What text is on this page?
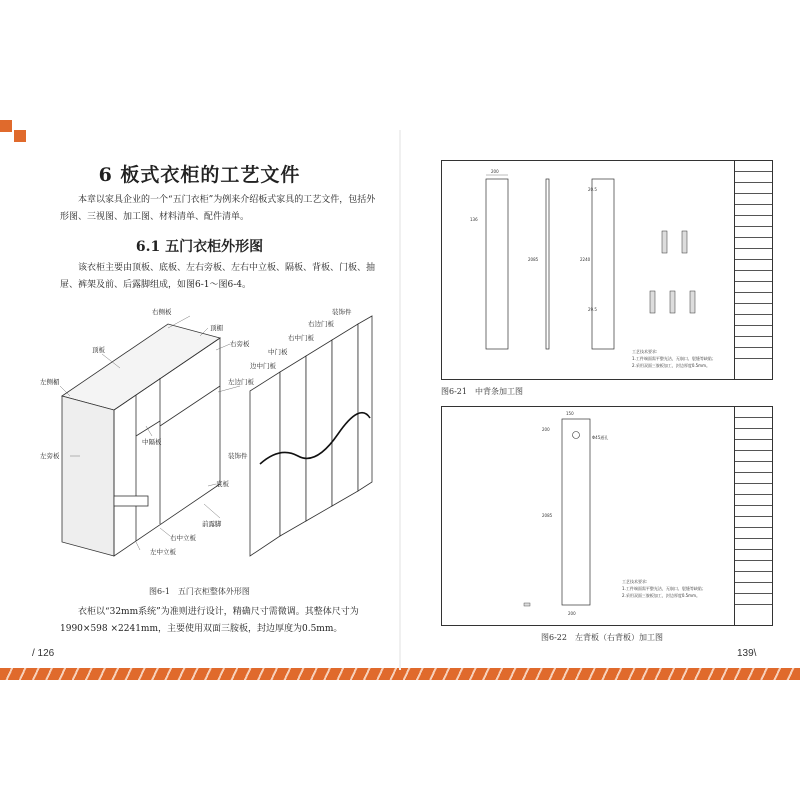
6 板式衣柜的工艺文件
本章以家具企业的一个“五门衣柜”为例来介绍板式家具的工艺文件，包括外形图、三视图、加工图、材料清单、配件清单。
6.1 五门衣柜外形图
该衣柜主要由顶板、底板、左右旁板、左右中立板、隔板、背板、门板、抽屉、裤架及前、后露脚组成，如图6-1～图6-4。
右侧板
顶楣
右旁板
顶板
左侧楣
左旁板
中隔板
底板
前露脚
右中立板
左中立板
装饰件
右边门板
右中门板
中门板
边中门板
左边门板
装饰件
图6-1　五门衣柜整体外形图
衣柜以“32mm系统”为准则进行设计，精确尺寸需微调。其整体尺寸为1990×598 ×2241mm，主要使用双面三胺板，封边厚度为0.5mm。
/ 126
200
2085
20.5
2240
29.5
136
工艺技术要求:
1.工件端面需平整光洁，无崩口、裂缝等缺陷；
2.采用双面三胺板加工，封边厚度0.5mm。
图6-21　中背条加工图
150
200
2085
200
Φ45通孔
工艺技术要求:
1.工件端面需平整光洁，无崩口、裂缝等缺陷；
2.采用双面三胺板加工，封边厚度0.5mm。
图6-22　左背板（右背板）加工图
139\
